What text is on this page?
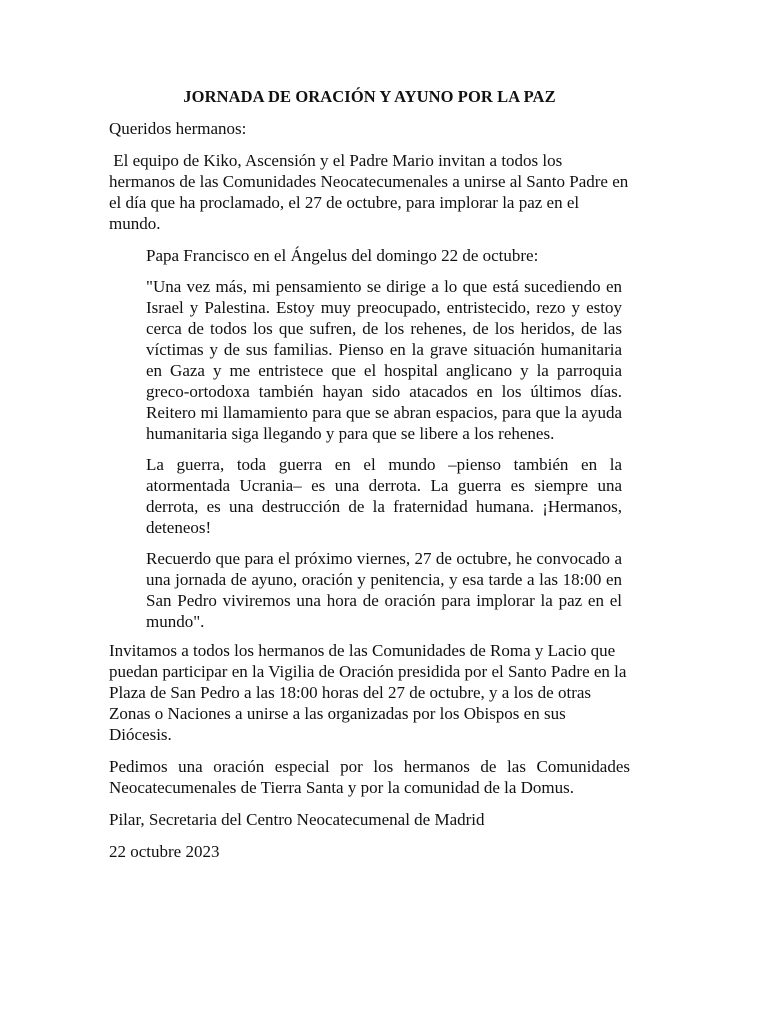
JORNADA DE ORACIÓN Y AYUNO POR LA PAZ
Queridos hermanos:
El equipo de Kiko, Ascensión y el Padre Mario invitan a todos los hermanos de las Comunidades Neocatecumenales a unirse al Santo Padre en el día que ha proclamado, el 27 de octubre, para implorar la paz en el mundo.
Papa Francisco en el Ángelus del domingo 22 de octubre:
"Una vez más, mi pensamiento se dirige a lo que está sucediendo en Israel y Palestina. Estoy muy preocupado, entristecido, rezo y estoy cerca de todos los que sufren, de los rehenes, de los heridos, de las víctimas y de sus familias. Pienso en la grave situación humanitaria en Gaza y me entristece que el hospital anglicano y la parroquia greco-ortodoxa también hayan sido atacados en los últimos días. Reitero mi llamamiento para que se abran espacios, para que la ayuda humanitaria siga llegando y para que se libere a los rehenes.
La guerra, toda guerra en el mundo –pienso también en la atormentada Ucrania– es una derrota. La guerra es siempre una derrota, es una destrucción de la fraternidad humana. ¡Hermanos, deteneos!
Recuerdo que para el próximo viernes, 27 de octubre, he convocado a una jornada de ayuno, oración y penitencia, y esa tarde a las 18:00 en San Pedro viviremos una hora de oración para implorar la paz en el mundo".
Invitamos a todos los hermanos de las Comunidades de Roma y Lacio que puedan participar en la Vigilia de Oración presidida por el Santo Padre en la Plaza de San Pedro a las 18:00 horas del 27 de octubre, y a los de otras Zonas o Naciones a unirse a las organizadas por los Obispos en sus Diócesis.
Pedimos una oración especial por los hermanos de las Comunidades Neocatecumenales de Tierra Santa y por la comunidad de la Domus.
Pilar, Secretaria del Centro Neocatecumenal de Madrid
22 octubre 2023
